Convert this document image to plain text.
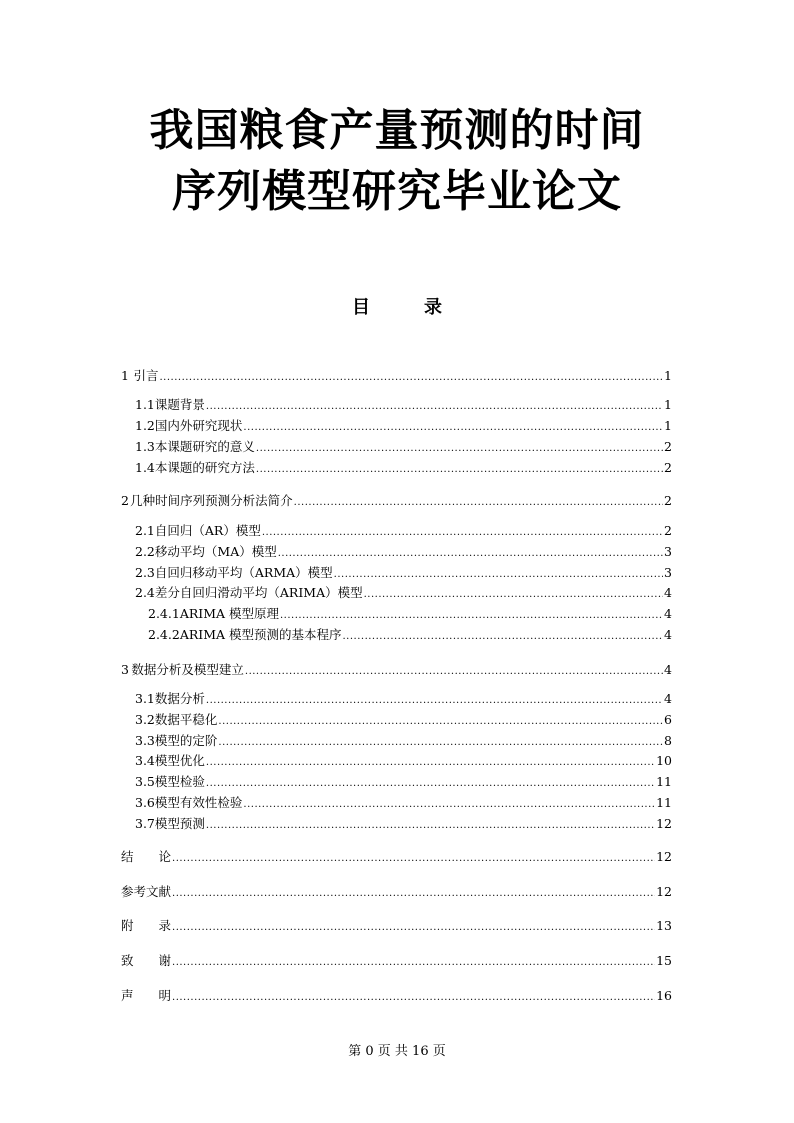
我国粮食产量预测的时间
序列模型研究毕业论文
目　录
1 引言 .....	1
1.1 课题背景 .....	1
1.2 国内外研究现状 .....	1
1.3 本课题研究的意义 .....	2
1.4 本课题的研究方法 .....	2
2 几种时间序列预测分析法简介 .....	2
2.1 自回归（AR）模型 .....	2
2.2 移动平均（MA）模型 .....	3
2.3 自回归移动平均（ARMA）模型 .....	3
2.4 差分自回归滑动平均（ARIMA）模型 .....	4
2.4.1 ARIMA 模型原理 .....	4
2.4.2 ARIMA 模型预测的基本程序 .....	4
3 数据分析及模型建立 .....	4
3.1 数据分析 .....	4
3.2 数据平稳化 .....	6
3.3 模型的定阶 .....	8
3.4 模型优化 .....	10
3.5 模型检验 .....	11
3.6 模型有效性检验 .....	11
3.7 模型预测 .....	12
结　　论 .....	12
参考文献 .....	12
附　　录 .....	13
致　　谢 .....	15
声　　明 .....	16
第 0 页 共 16 页
